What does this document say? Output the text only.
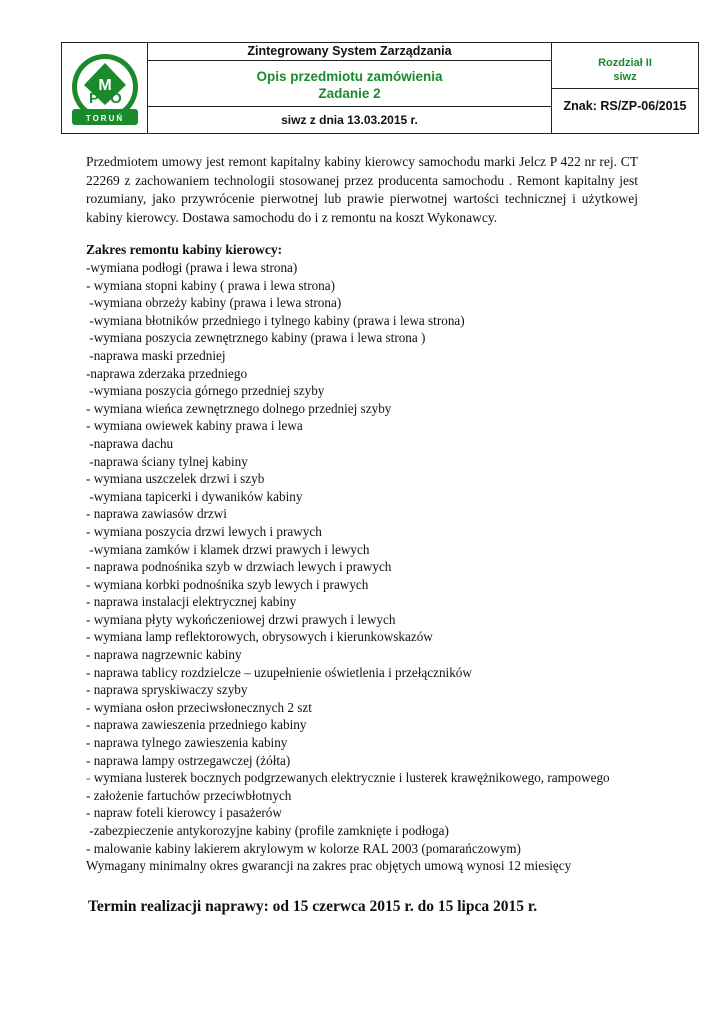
M
P O
1974
TORUŃ
Zintegrowany System Zarządzania
Opis przedmiotu zamówienia
Zadanie 2
siwz z dnia 13.03.2015 r.
Rozdział II
siwz
Znak: RS/ZP-06/2015

Przedmiotem umowy jest remont kapitalny kabiny kierowcy samochodu marki Jelcz P 422 nr rej. CT 22269 z zachowaniem technologii stosowanej przez producenta samochodu . Remont kapitalny jest rozumiany, jako przywrócenie pierwotnej lub prawie pierwotnej wartości technicznej i użytkowej kabiny kierowcy. Dostawa samochodu do i z remontu na koszt Wykonawcy.

Zakres remontu kabiny kierowcy:
-wymiana podłogi (prawa i lewa strona)
- wymiana stopni kabiny ( prawa i lewa strona)
-wymiana obrzeży kabiny (prawa i lewa strona)
-wymiana błotników przedniego i tylnego kabiny (prawa i lewa strona)
-wymiana poszycia zewnętrznego kabiny (prawa i lewa strona )
-naprawa maski przedniej
-naprawa zderzaka przedniego
-wymiana poszycia górnego przedniej szyby
- wymiana wieńca zewnętrznego dolnego przedniej szyby
- wymiana owiewek kabiny prawa i lewa
-naprawa dachu
-naprawa ściany tylnej kabiny
- wymiana uszczelek drzwi i szyb
-wymiana tapicerki i dywaników kabiny
- naprawa zawiasów drzwi
- wymiana poszycia drzwi lewych i prawych
-wymiana zamków i klamek drzwi prawych i lewych
- naprawa podnośnika szyb w drzwiach lewych i prawych
- wymiana korbki podnośnika szyb lewych i prawych
- naprawa instalacji elektrycznej kabiny
- wymiana płyty wykończeniowej drzwi prawych i lewych
- wymiana lamp reflektorowych, obrysowych i kierunkowskazów
- naprawa nagrzewnic kabiny
- naprawa tablicy rozdzielcze – uzupełnienie oświetlenia i przełączników
- naprawa spryskiwaczy szyby
- wymiana osłon przeciwsłonecznych 2 szt
- naprawa zawieszenia przedniego kabiny
- naprawa tylnego zawieszenia kabiny
- naprawa lampy ostrzegawczej (żółta)
- wymiana lusterek bocznych podgrzewanych elektrycznie i lusterek krawężnikowego, rampowego
- założenie fartuchów przeciwbłotnych
- napraw foteli kierowcy i pasażerów
-zabezpieczenie antykorozyjne kabiny (profile zamknięte i podłoga)
- malowanie kabiny lakierem akrylowym w kolorze RAL 2003 (pomarańczowym)
Wymagany minimalny okres gwarancji na zakres prac objętych umową wynosi 12 miesięcy
Termin realizacji naprawy: od 15 czerwca 2015 r. do 15 lipca 2015 r.
